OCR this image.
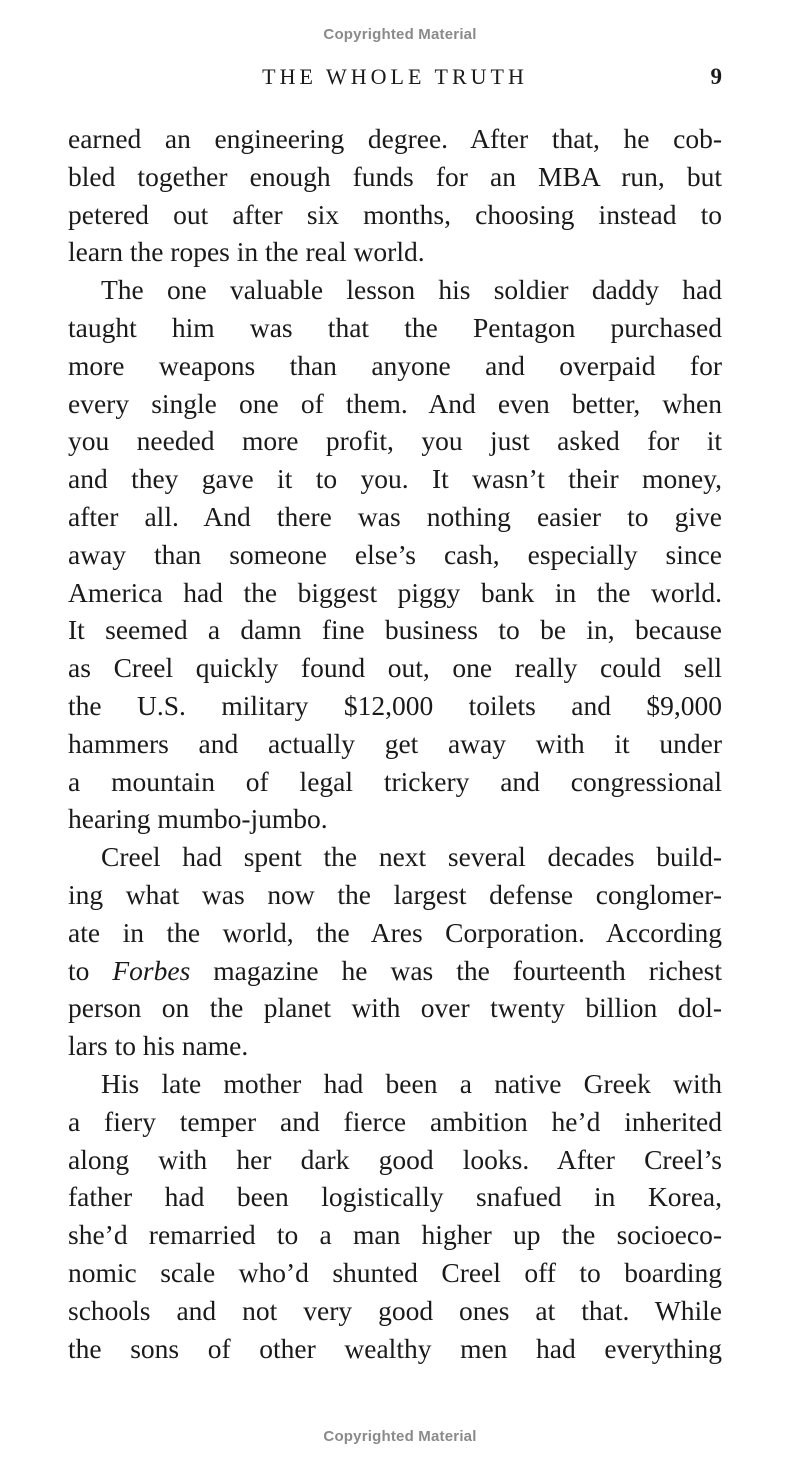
Copyrighted Material
THE WHOLE TRUTH	9

earned an engineering degree. After that, he cob-
bled together enough funds for an MBA run, but
petered out after six months, choosing instead to
learn the ropes in the real world.

The one valuable lesson his soldier daddy had
taught him was that the Pentagon purchased
more weapons than anyone and overpaid for
every single one of them. And even better, when
you needed more profit, you just asked for it
and they gave it to you. It wasn’t their money,
after all. And there was nothing easier to give
away than someone else’s cash, especially since
America had the biggest piggy bank in the world.
It seemed a damn fine business to be in, because
as Creel quickly found out, one really could sell
the U.S. military $12,000 toilets and $9,000
hammers and actually get away with it under
a mountain of legal trickery and congressional
hearing mumbo-jumbo.

Creel had spent the next several decades build-
ing what was now the largest defense conglomer-
ate in the world, the Ares Corporation. According
to Forbes magazine he was the fourteenth richest
person on the planet with over twenty billion dol-
lars to his name.

His late mother had been a native Greek with
a fiery temper and fierce ambition he’d inherited
along with her dark good looks. After Creel’s
father had been logistically snafued in Korea,
she’d remarried to a man higher up the socioeco-
nomic scale who’d shunted Creel off to boarding
schools and not very good ones at that. While
the sons of other wealthy men had everything

Copyrighted Material
